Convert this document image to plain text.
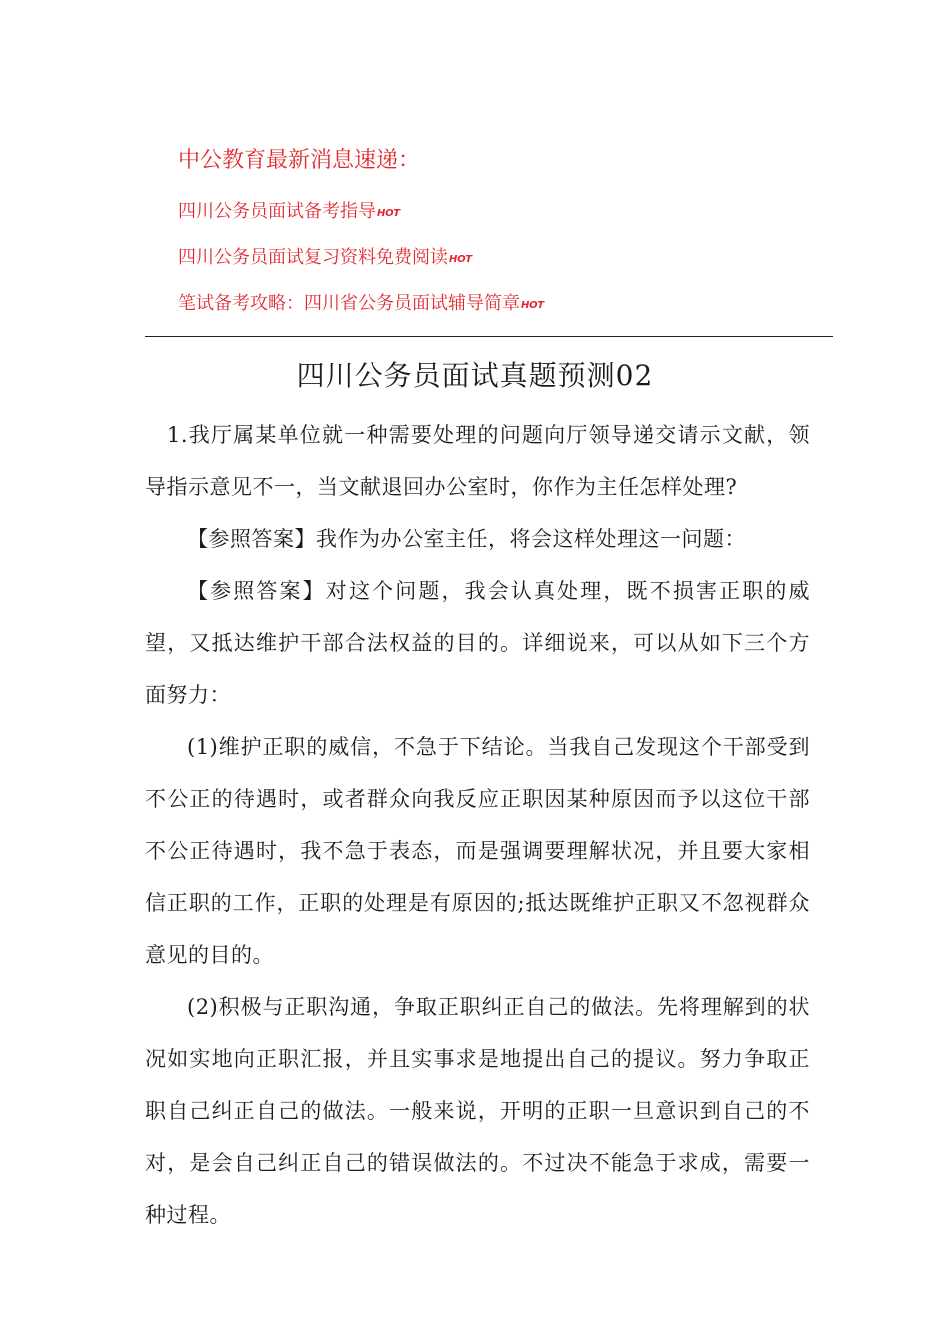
中公教育最新消息速递：

四川公务员面试备考指导HOT
四川公务员面试复习资料免费阅读HOT
笔试备考攻略：四川省公务员面试辅导简章HOT
四川公务员面试真题预测02

1.我厅属某单位就一种需要处理的问题向厅领导递交请示文献，领导指示意见不一，当文献退回办公室时，你作为主任怎样处理?

【参照答案】我作为办公室主任，将会这样处理这一问题：

【参照答案】对这个问题，我会认真处理，既不损害正职的威望，又抵达维护干部合法权益的目的。详细说来，可以从如下三个方面努力：

(1)维护正职的威信，不急于下结论。当我自己发现这个干部受到不公正的待遇时，或者群众向我反应正职因某种原因而予以这位干部不公正待遇时，我不急于表态，而是强调要理解状况，并且要大家相信正职的工作，正职的处理是有原因的;抵达既维护正职又不忽视群众意见的目的。

(2)积极与正职沟通，争取正职纠正自己的做法。先将理解到的状况如实地向正职汇报，并且实事求是地提出自己的提议。努力争取正职自己纠正自己的做法。一般来说，开明的正职一旦意识到自己的不对，是会自己纠正自己的错误做法的。不过决不能急于求成，需要一种过程。
